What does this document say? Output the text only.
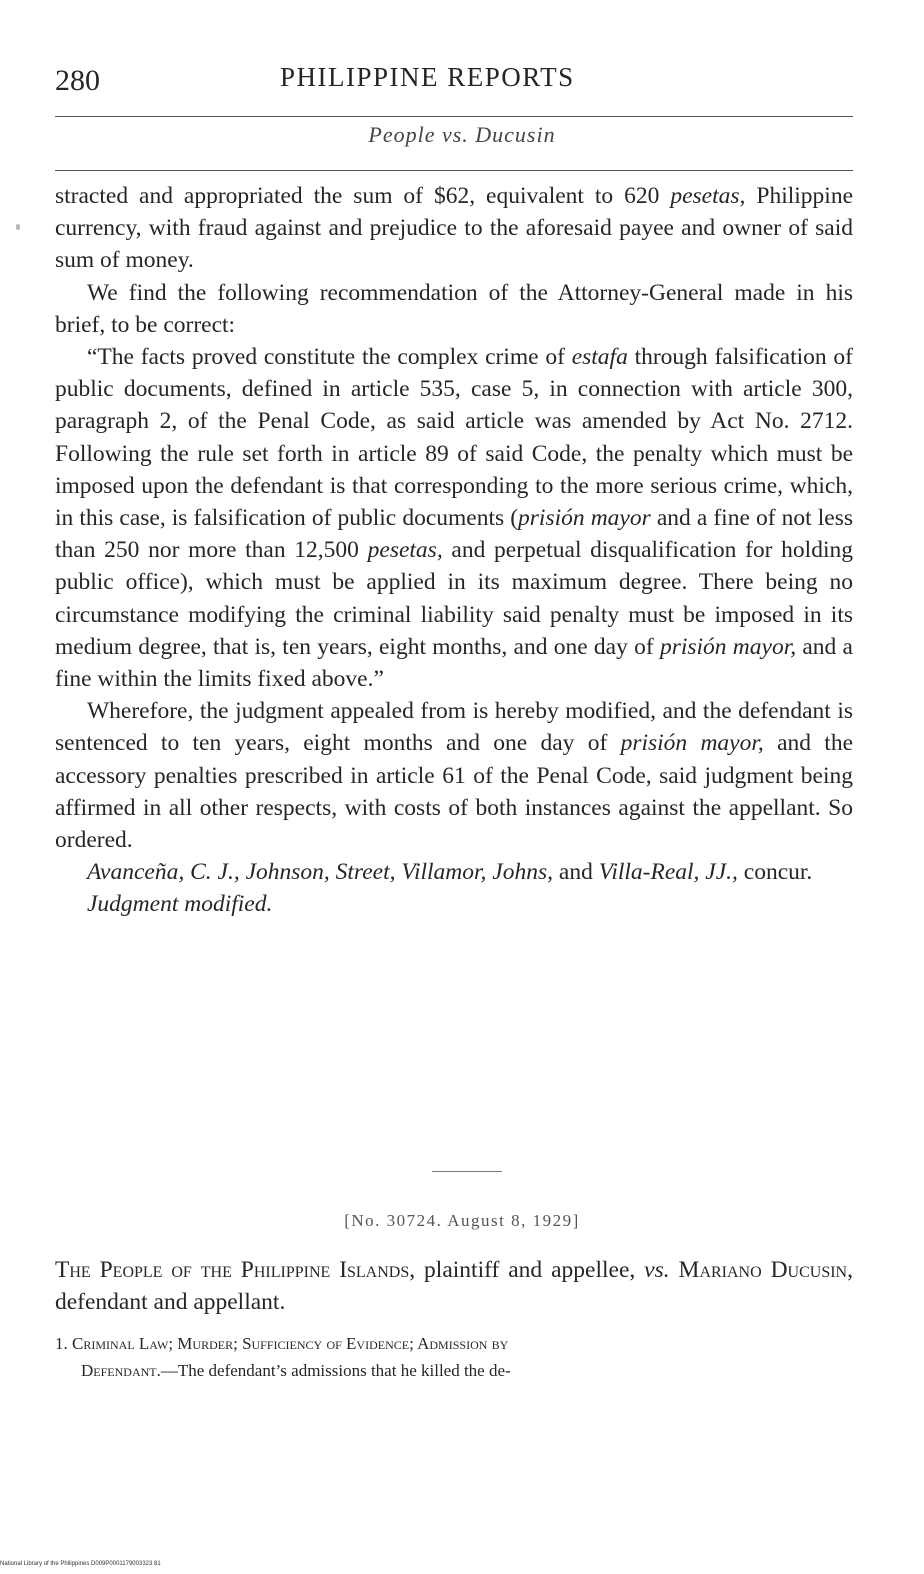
280	PHILIPPINE REPORTS
People vs. Ducusin

stracted and appropriated the sum of $62, equivalent to 620 pesetas, Philippine currency, with fraud against and prejudice to the aforesaid payee and owner of said sum of money.

We find the following recommendation of the Attorney-General made in his brief, to be correct:

“The facts proved constitute the complex crime of estafa through falsification of public documents, defined in article 535, case 5, in connection with article 300, paragraph 2, of the Penal Code, as said article was amended by Act No. 2712. Following the rule set forth in article 89 of said Code, the penalty which must be imposed upon the defendant is that corresponding to the more serious crime, which, in this case, is falsification of public documents (prisión mayor and a fine of not less than 250 nor more than 12,500 pesetas, and perpetual disqualification for holding public office), which must be applied in its maximum degree. There being no circumstance modifying the criminal liability said penalty must be imposed in its medium degree, that is, ten years, eight months, and one day of prisión mayor, and a fine within the limits fixed above.”

Wherefore, the judgment appealed from is hereby modified, and the defendant is sentenced to ten years, eight months and one day of prisión mayor, and the accessory penalties prescribed in article 61 of the Penal Code, said judgment being affirmed in all other respects, with costs of both instances against the appellant. So ordered.

Avanceña, C. J., Johnson, Street, Villamor, Johns, and Villa-Real, JJ., concur.

Judgment modified.

[No. 30724. August 8, 1929]
The People of the Philippine Islands, plaintiff and appellee, vs. Mariano Ducusin, defendant and appellant.

1. Criminal Law; Murder; Sufficiency of Evidence; Admission by

Defendant.—The defendant’s admissions that he killed the de-

National Library of the Philippines D009P0001179003323 81
